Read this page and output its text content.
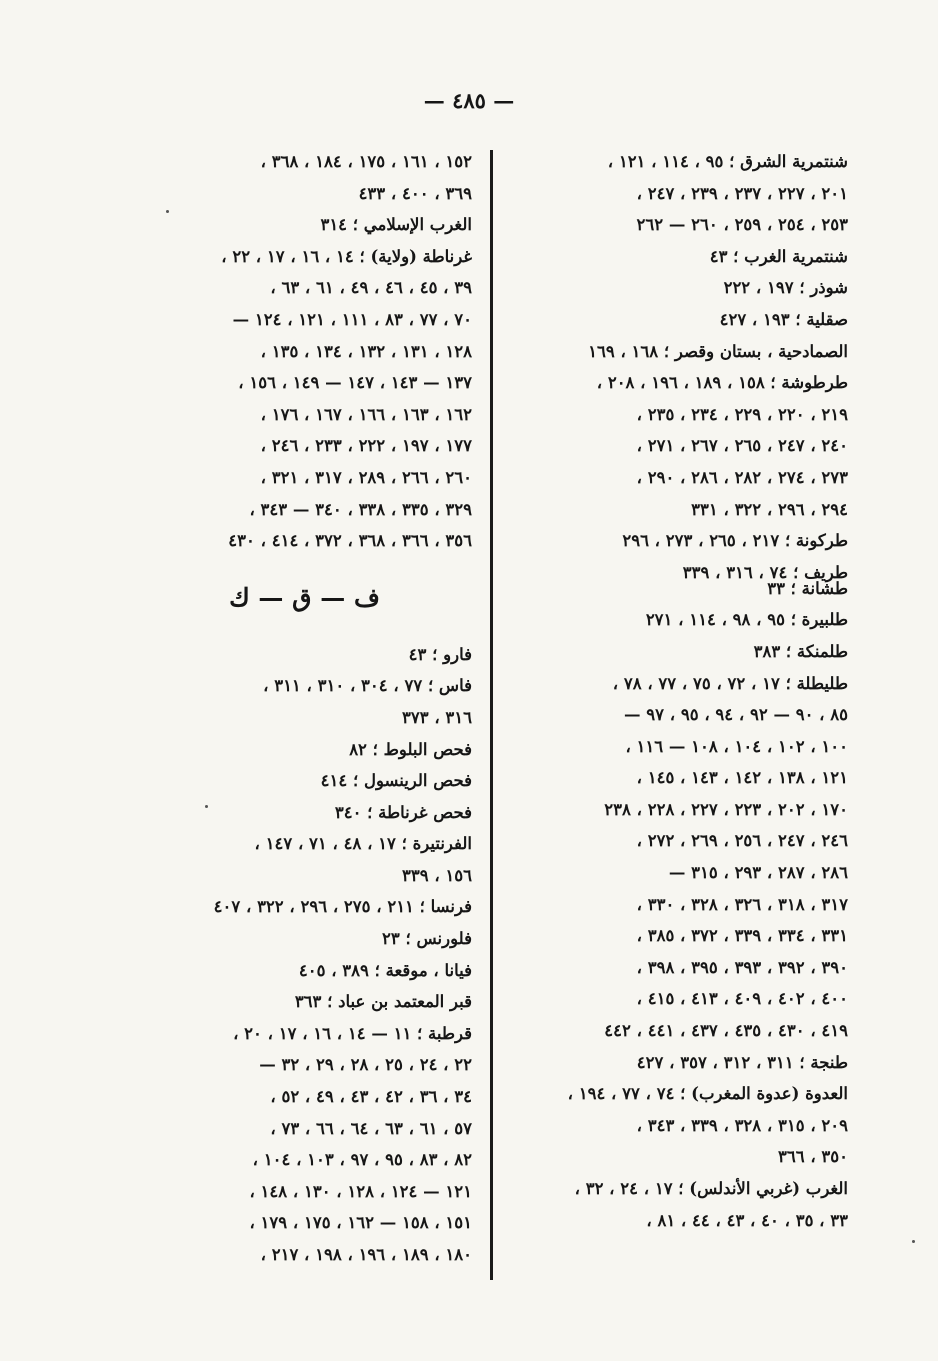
— ٤٨٥ —
شنتمرية الشرق ؛ ٩٥ ، ١١٤ ، ١٢١ ،
٢٠١ ، ٢٢٧ ، ٢٣٧ ، ٢٣٩ ، ٢٤٧ ،
٢٥٣ ، ٢٥٤ ، ٢٥٩ ، ٢٦٠ — ٢٦٢
شنتمرية الغرب ؛ ٤٣
شوذر ؛ ١٩٧ ، ٢٢٢
صقلية ؛ ١٩٣ ، ٤٢٧
الصمادحية ، بستان وقصر ؛ ١٦٨ ، ١٦٩
طرطوشة ؛ ١٥٨ ، ١٨٩ ، ١٩٦ ، ٢٠٨ ،
٢١٩ ، ٢٢٠ ، ٢٢٩ ، ٢٣٤ ، ٢٣٥ ،
٢٤٠ ، ٢٤٧ ، ٢٦٥ ، ٢٦٧ ، ٢٧١ ،
٢٧٣ ، ٢٧٤ ، ٢٨٢ ، ٢٨٦ ، ٢٩٠ ،
٢٩٤ ، ٢٩٦ ، ٣٢٢ ، ٣٣١
طركونة ؛ ٢١٧ ، ٢٦٥ ، ٢٧٣ ، ٢٩٦
طريف ؛ ٧٤ ، ٣١٦ ، ٣٣٩
طشانة ؛ ٣٣
طلبيرة ؛ ٩٥ ، ٩٨ ، ١١٤ ، ٢٧١
طلمنكة ؛ ٣٨٣
طليطلة ؛ ١٧ ، ٧٢ ، ٧٥ ، ٧٧ ، ٧٨ ،
٨٥ ، ٩٠ — ٩٢ ، ٩٤ ، ٩٥ ، ٩٧ —
١٠٠ ، ١٠٢ ، ١٠٤ ، ١٠٨ — ١١٦ ،
١٢١ ، ١٣٨ ، ١٤٢ ، ١٤٣ ، ١٤٥ ،
١٧٠ ، ٢٠٢ ، ٢٢٣ ، ٢٢٧ ، ٢٢٨ ، ٢٣٨
٢٤٦ ، ٢٤٧ ، ٢٥٦ ، ٢٦٩ ، ٢٧٢ ،
٢٨٦ ، ٢٨٧ ، ٢٩٣ ، ٣١٥ —
٣١٧ ، ٣١٨ ، ٣٢٦ ، ٣٢٨ ، ٣٣٠ ،
٣٣١ ، ٣٣٤ ، ٣٣٩ ، ٣٧٢ ، ٣٨٥ ،
٣٩٠ ، ٣٩٢ ، ٣٩٣ ، ٣٩٥ ، ٣٩٨ ،
٤٠٠ ، ٤٠٢ ، ٤٠٩ ، ٤١٣ ، ٤١٥ ،
٤١٩ ، ٤٣٠ ، ٤٣٥ ، ٤٣٧ ، ٤٤١ ، ٤٤٢
طنجة ؛ ٣١١ ، ٣١٢ ، ٣٥٧ ، ٤٢٧
العدوة (عدوة المغرب) ؛ ٧٤ ، ٧٧ ، ١٩٤ ،
٢٠٩ ، ٣١٥ ، ٣٢٨ ، ٣٣٩ ، ٣٤٣ ،
٣٥٠ ، ٣٦٦
الغرب (غربي الأندلس) ؛ ١٧ ، ٢٤ ، ٣٢ ،
٣٣ ، ٣٥ ، ٤٠ ، ٤٣ ، ٤٤ ، ٨١ ،
١٥٢ ، ١٦١ ، ١٧٥ ، ١٨٤ ، ٣٦٨ ،
٣٦٩ ، ٤٠٠ ، ٤٣٣
الغرب الإسلامي ؛ ٣١٤
غرناطة (ولاية) ؛ ١٤ ، ١٦ ، ١٧ ، ٢٢ ،
٣٩ ، ٤٥ ، ٤٦ ، ٤٩ ، ٦١ ، ٦٣ ،
٧٠ ، ٧٧ ، ٨٣ ، ١١١ ، ١٢١ ، ١٢٤ —
١٢٨ ، ١٣١ ، ١٣٢ ، ١٣٤ ، ١٣٥ ،
١٣٧ — ١٤٣ ، ١٤٧ — ١٤٩ ، ١٥٦ ،
١٦٢ ، ١٦٣ ، ١٦٦ ، ١٦٧ ، ١٧٦ ،
١٧٧ ، ١٩٧ ، ٢٢٢ ، ٢٣٣ ، ٢٤٦ ،
٢٦٠ ، ٢٦٦ ، ٢٨٩ ، ٣١٧ ، ٣٢١ ،
٣٢٩ ، ٣٣٥ ، ٣٣٨ ، ٣٤٠ — ٣٤٣ ،
٣٥٦ ، ٣٦٦ ، ٣٦٨ ، ٣٧٢ ، ٤١٤ ، ٤٣٠
ف — ق — ك
فارو ؛ ٤٣
فاس ؛ ٧٧ ، ٣٠٤ ، ٣١٠ ، ٣١١ ،
٣١٦ ، ٣٧٣
فحص البلوط ؛ ٨٢
فحص الرينسول ؛ ٤١٤
فحص غرناطة ؛ ٣٤٠
الفرنتيرة ؛ ١٧ ، ٤٨ ، ٧١ ، ١٤٧ ،
١٥٦ ، ٣٣٩
فرنسا ؛ ٢١١ ، ٢٧٥ ، ٢٩٦ ، ٣٢٢ ، ٤٠٧
فلورنس ؛ ٢٣
فيانا ، موقعة ؛ ٣٨٩ ، ٤٠٥
قبر المعتمد بن عباد ؛ ٣٦٣
قرطبة ؛ ١١ — ١٤ ، ١٦ ، ١٧ ، ٢٠ ،
٢٢ ، ٢٤ ، ٢٥ ، ٢٨ ، ٢٩ ، ٣٢ —
٣٤ ، ٣٦ ، ٤٢ ، ٤٣ ، ٤٩ ، ٥٢ ،
٥٧ ، ٦١ ، ٦٣ ، ٦٤ ، ٦٦ ، ٧٣ ،
٨٢ ، ٨٣ ، ٩٥ ، ٩٧ ، ١٠٣ ، ١٠٤ ،
١٢١ — ١٢٤ ، ١٢٨ ، ١٣٠ ، ١٤٨ ،
١٥١ ، ١٥٨ — ١٦٢ ، ١٧٥ ، ١٧٩ ،
١٨٠ ، ١٨٩ ، ١٩٦ ، ١٩٨ ، ٢١٧ ،
